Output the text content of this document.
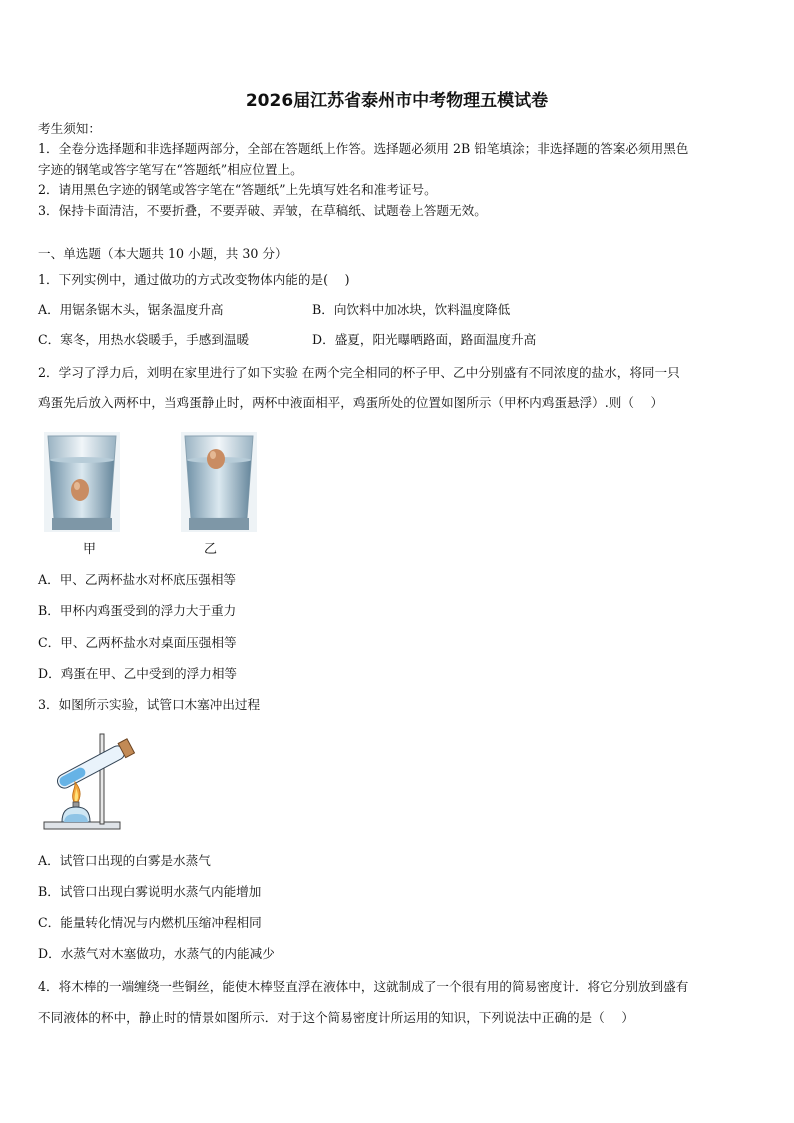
2026届江苏省泰州市中考物理五模试卷
考生须知：
1．全卷分选择题和非选择题两部分，全部在答题纸上作答。选择题必须用 2B 铅笔填涂；非选择题的答案必须用黑色
字迹的钢笔或答字笔写在“答题纸”相应位置上。
2．请用黑色字迹的钢笔或答字笔在“答题纸”上先填写姓名和准考证号。
3．保持卡面清洁，不要折叠，不要弄破、弄皱，在草稿纸、试题卷上答题无效。
一、单选题（本大题共 10 小题，共 30 分）
1．下列实例中，通过做功的方式改变物体内能的是(　 )
A．用锯条锯木头，锯条温度升高	B．向饮料中加冰块，饮料温度降低
C．寒冬，用热水袋暖手，手感到温暖	D．盛夏，阳光曝晒路面，路面温度升高
2．学习了浮力后，刘明在家里进行了如下实验 在两个完全相同的杯子甲、乙中分别盛有不同浓度的盐水，将同一只
鸡蛋先后放入两杯中，当鸡蛋静止时，两杯中液面相平，鸡蛋所处的位置如图所示（甲杯内鸡蛋悬浮）.则（　 ）
甲	乙
A．甲、乙两杯盐水对杯底压强相等
B．甲杯内鸡蛋受到的浮力大于重力
C．甲、乙两杯盐水对桌面压强相等
D．鸡蛋在甲、乙中受到的浮力相等
3．如图所示实验，试管口木塞冲出过程
A．试管口出现的白雾是水蒸气
B．试管口出现白雾说明水蒸气内能增加
C．能量转化情况与内燃机压缩冲程相同
D．水蒸气对木塞做功，水蒸气的内能减少
4．将木棒的一端缠绕一些铜丝，能使木棒竖直浮在液体中，这就制成了一个很有用的简易密度计．将它分别放到盛有
不同液体的杯中，静止时的情景如图所示．对于这个简易密度计所运用的知识，下列说法中正确的是（　 ）
